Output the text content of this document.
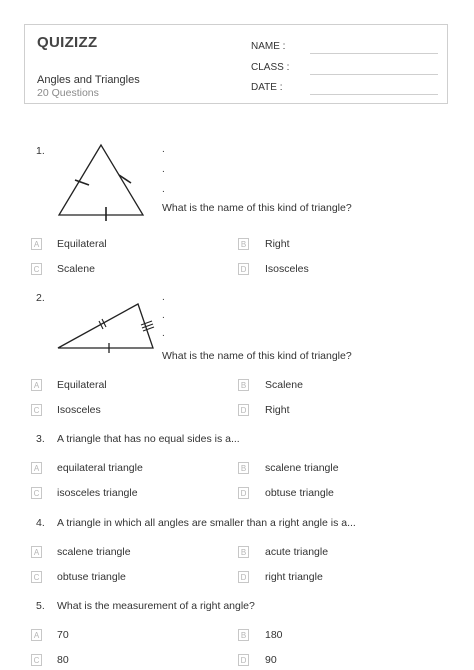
QUIZIZZ
Angles and Triangles
20 Questions
NAME :
CLASS :
DATE :
1.	.
.
.
What is the name of this kind of triangle?
A Equilateral	B Right
C Scalene	D Isosceles
2.	.
.
.
What is the name of this kind of triangle?
A Equilateral	B Scalene
C Isosceles	D Right
3. A triangle that has no equal sides is a...
A equilateral triangle	B scalene triangle
C isosceles triangle	D obtuse triangle
4. A triangle in which all angles are smaller than a right angle is a...
A scalene triangle	B acute triangle
C obtuse triangle	D right triangle
5. What is the measurement of a right angle?
A 70	B 180
C 80	D 90
